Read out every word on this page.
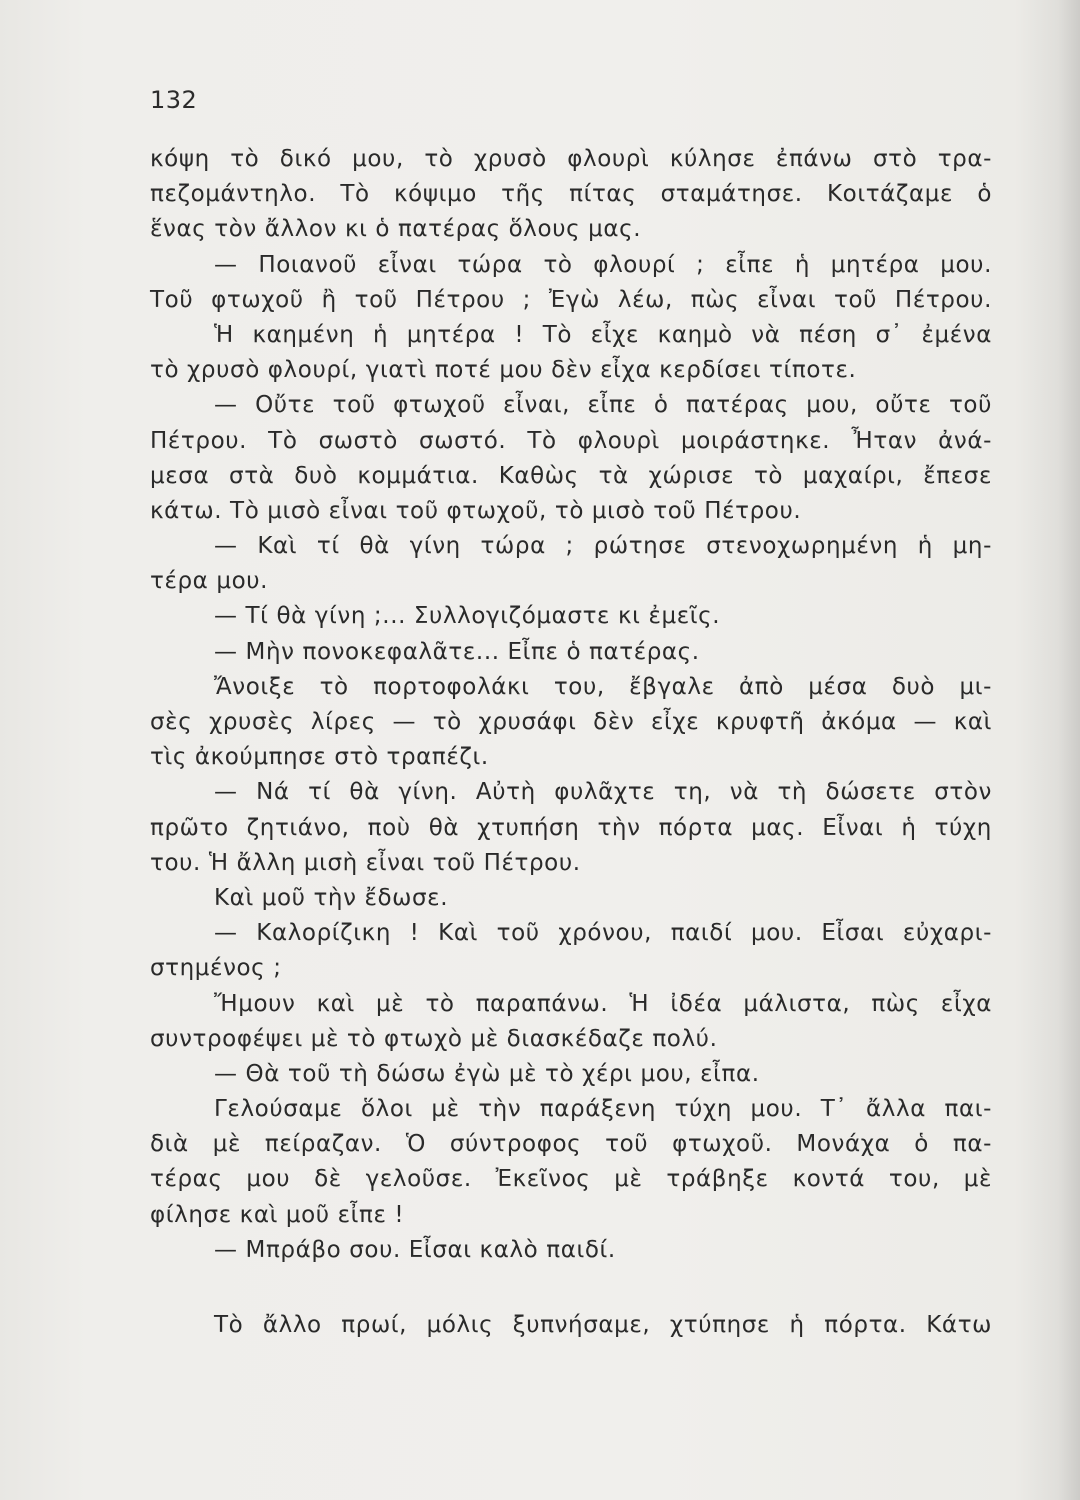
132
κόψη τὸ δικό μου, τὸ χρυσὸ φλουρὶ κύλησε ἐπάνω στὸ τρα-
πεζομάντηλο. Τὸ κόψιμο τῆς πίτας σταμάτησε. Κοιτάζαμε ὁ
ἕνας τὸν ἄλλον κι ὁ πατέρας ὅλους μας.
— Ποιανοῦ εἶναι τώρα τὸ φλουρί ; εἶπε ἡ μητέρα μου.
Τοῦ φτωχοῦ ἢ τοῦ Πέτρου ; Ἐγὼ λέω, πὼς εἶναι τοῦ Πέτρου.
Ἡ καημένη ἡ μητέρα ! Τὸ εἶχε καημὸ νὰ πέση σ᾽ ἐμένα
τὸ χρυσὸ φλουρί, γιατὶ ποτέ μου δὲν εἶχα κερδίσει τίποτε.
— Οὔτε τοῦ φτωχοῦ εἶναι, εἶπε ὁ πατέρας μου, οὔτε τοῦ
Πέτρου. Τὸ σωστὸ σωστό. Τὸ φλουρὶ μοιράστηκε. Ἦταν ἀνά-
μεσα στὰ δυὸ κομμάτια. Καθὼς τὰ χώρισε τὸ μαχαίρι, ἔπεσε
κάτω. Τὸ μισὸ εἶναι τοῦ φτωχοῦ, τὸ μισὸ τοῦ Πέτρου.
— Καὶ τί θὰ γίνη τώρα ; ρώτησε στενοχωρημένη ἡ μη-
τέρα μου.
— Τί θὰ γίνη ;... Συλλογιζόμαστε κι ἐμεῖς.
— Μὴν πονοκεφαλᾶτε... Εἶπε ὁ πατέρας.
Ἄνοιξε τὸ πορτοφολάκι του, ἔβγαλε ἀπὸ μέσα δυὸ μι-
σὲς χρυσὲς λίρες — τὸ χρυσάφι δὲν εἶχε κρυφτῆ ἀκόμα — καὶ
τὶς ἀκούμπησε στὸ τραπέζι.
— Νά τί θὰ γίνη. Αὐτὴ φυλᾶχτε τη, νὰ τὴ δώσετε στὸν
πρῶτο ζητιάνο, ποὺ θὰ χτυπήση τὴν πόρτα μας. Εἶναι ἡ τύχη
του. Ἡ ἄλλη μισὴ εἶναι τοῦ Πέτρου.
Καὶ μοῦ τὴν ἔδωσε.
— Καλορίζικη ! Καὶ τοῦ χρόνου, παιδί μου. Εἶσαι εὐχαρι-
στημένος ;
Ἤμουν καὶ μὲ τὸ παραπάνω. Ἡ ἰδέα μάλιστα, πὼς εἶχα
συντροφέψει μὲ τὸ φτωχὸ μὲ διασκέδαζε πολύ.
— Θὰ τοῦ τὴ δώσω ἐγὼ μὲ τὸ χέρι μου, εἶπα.
Γελούσαμε ὅλοι μὲ τὴν παράξενη τύχη μου. Τ᾽ ἄλλα παι-
διὰ μὲ πείραζαν. Ὁ σύντροφος τοῦ φτωχοῦ. Μονάχα ὁ πα-
τέρας μου δὲ γελοῦσε. Ἐκεῖνος μὲ τράβηξε κοντά του, μὲ
φίλησε καὶ μοῦ εἶπε !
— Μπράβο σου. Εἶσαι καλὸ παιδί.
Τὸ ἄλλο πρωί, μόλις ξυπνήσαμε, χτύπησε ἡ πόρτα. Κάτω
